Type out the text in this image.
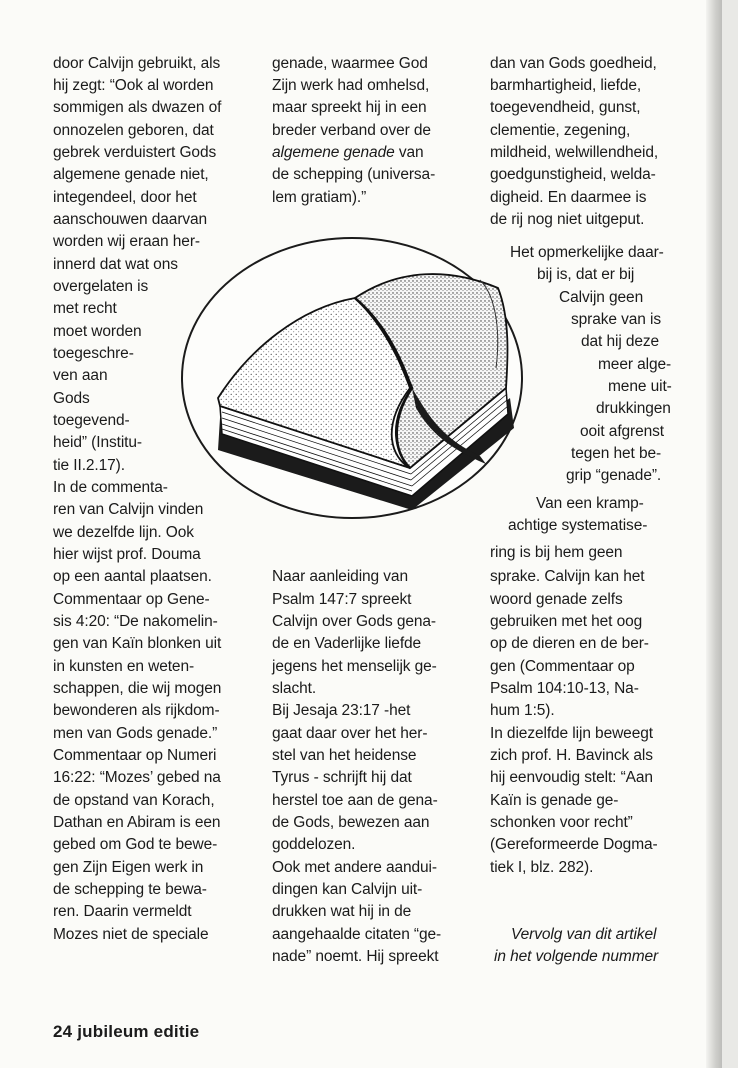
door Calvijn gebruikt, als
hij zegt: “Ook al worden
sommigen als dwazen of
onnozelen geboren, dat
gebrek verduistert Gods
algemene genade niet,
integendeel, door het
aanschouwen daarvan
worden wij eraan her-
innerd dat wat ons
overgelaten is
met recht
moet worden
toegeschre-
ven aan
Gods
toegevend-
heid” (Institu-
tie II.2.17).
In de commenta-
ren van Calvijn vinden
we dezelfde lijn. Ook
hier wijst prof. Douma
op een aantal plaatsen.
Commentaar op Gene-
sis 4:20: “De nakomelin-
gen van Kaïn blonken uit
in kunsten en weten-
schappen, die wij mogen
bewonderen als rijkdom-
men van Gods genade.”
Commentaar op Numeri
16:22: “Mozes’ gebed na
de opstand van Korach,
Dathan en Abiram is een
gebed om God te bewe-
gen Zijn Eigen werk in
de schepping te bewa-
ren. Daarin vermeldt
Mozes niet de speciale
genade, waarmee God
Zijn werk had omhelsd,
maar spreekt hij in een
breder verband over de
algemene genade van
de schepping (universa-
lem gratiam).”
Naar aanleiding van
Psalm 147:7 spreekt
Calvijn over Gods gena-
de en Vaderlijke liefde
jegens het menselijk ge-
slacht.
Bij Jesaja 23:17 -het
gaat daar over het her-
stel van het heidense
Tyrus - schrijft hij dat
herstel toe aan de gena-
de Gods, bewezen aan
goddelozen.
Ook met andere aandui-
dingen kan Calvijn uit-
drukken wat hij in de
aangehaalde citaten “ge-
nade” noemt. Hij spreekt
dan van Gods goedheid,
barmhartigheid, liefde,
toegevendheid, gunst,
clementie, zegening,
mildheid, welwillendheid,
goedgunstigheid, welda-
digheid. En daarmee is
de rij nog niet uitgeput.
Het opmerkelijke daar-
bij is, dat er bij
Calvijn geen
sprake van is
dat hij deze
meer alge-
mene uit-
drukkingen
ooit afgrenst
tegen het be-
grip “genade”.
Van een kramp-
achtige systematise-
ring is bij hem geen
sprake. Calvijn kan het
woord genade zelfs
gebruiken met het oog
op de dieren en de ber-
gen (Commentaar op
Psalm 104:10-13, Na-
hum 1:5).
In diezelfde lijn beweegt
zich prof. H. Bavinck als
hij eenvoudig stelt: “Aan
Kaïn is genade ge-
schonken voor recht”
(Gereformeerde Dogma-
tiek I, blz. 282).
Vervolg van dit artikel
in het volgende nummer
24 jubileum editie
